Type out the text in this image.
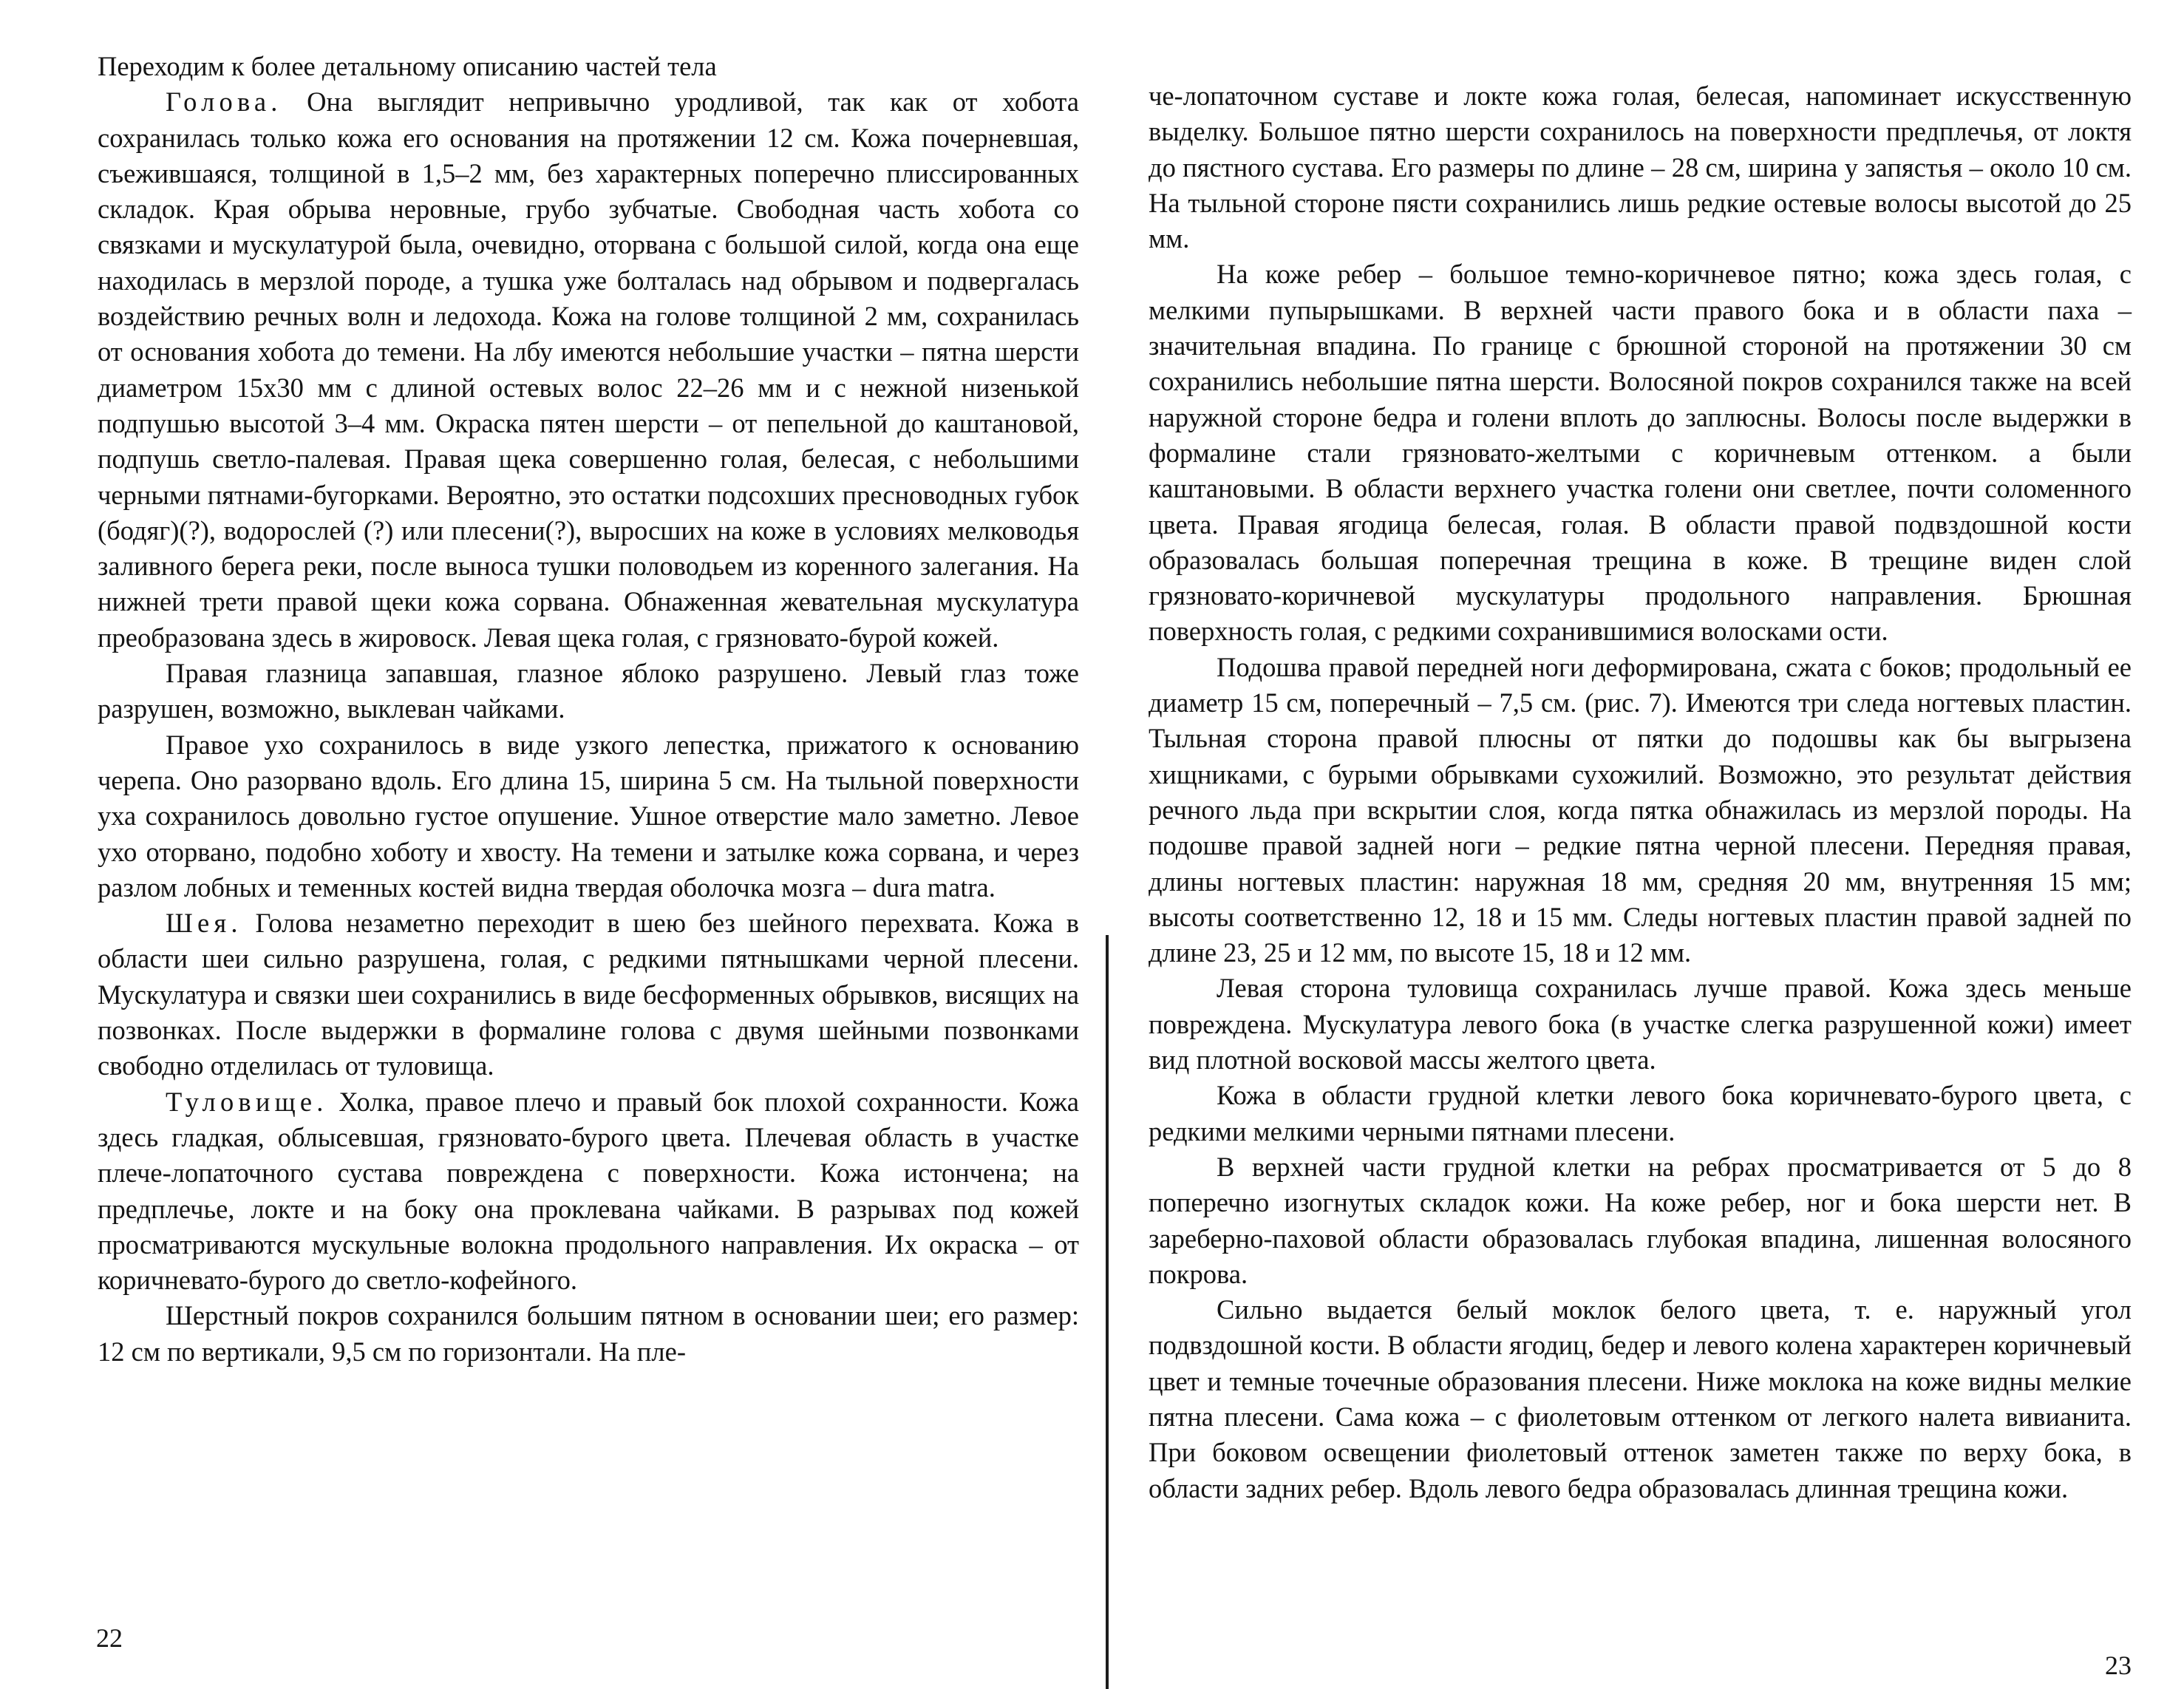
Переходим к более детальному описанию частей тела

Голова. Она выглядит непривычно уродливой, так как от хобота сохранилась только кожа его основания на протяжении 12 см. Кожа почерневшая, съежившаяся, толщиной в 1,5–2 мм, без характерных поперечно плиссированных складок. Края обрыва неровные, грубо зубчатые. Свободная часть хобота со связками и мускулатурой была, очевидно, оторвана с большой силой, когда она еще находилась в мерзлой породе, а тушка уже болталась над обрывом и подвергалась воздействию речных волн и ледохода. Кожа на голове толщиной 2 мм, сохранилась от основания хобота до темени. На лбу имеются небольшие участки – пятна шерсти диаметром 15х30 мм с длиной остевых волос 22–26 мм и с нежной низенькой подпушью высотой 3–4 мм. Окраска пятен шерсти – от пепельной до каштановой, подпушь светло-палевая. Правая щека совершенно голая, белесая, с небольшими черными пятнами-бугорками. Вероятно, это остатки подсохших пресноводных губок (бодяг)(?), водорослей (?) или плесени(?), выросших на коже в условиях мелководья заливного берега реки, после выноса тушки половодьем из коренного залегания. На нижней трети правой щеки кожа сорвана. Обнаженная жевательная мускулатура преобразована здесь в жировоск. Левая щека голая, с грязновато-бурой кожей.

Правая глазница запавшая, глазное яблоко разрушено. Левый глаз тоже разрушен, возможно, выклеван чайками.

Правое ухо сохранилось в виде узкого лепестка, прижатого к основанию черепа. Оно разорвано вдоль. Его длина 15, ширина 5 см. На тыльной поверхности уха сохранилось довольно густое опушение. Ушное отверстие мало заметно. Левое ухо оторвано, подобно хоботу и хвосту. На темени и затылке кожа сорвана, и через разлом лобных и теменных костей видна твердая оболочка мозга – dura matra.

Шея. Голова незаметно переходит в шею без шейного перехвата. Кожа в области шеи сильно разрушена, голая, с редкими пятнышками черной плесени. Мускулатура и связки шеи сохранились в виде бесформенных обрывков, висящих на позвонках. После выдержки в формалине голова с двумя шейными позвонками свободно отделилась от туловища.

Туловище. Холка, правое плечо и правый бок плохой сохранности. Кожа здесь гладкая, облысевшая, грязновато-бурого цвета. Плечевая область в участке плече-лопаточного сустава повреждена с поверхности. Кожа истончена; на предплечье, локте и на боку она проклевана чайками. В разрывах под кожей просматриваются мускульные волокна продольного направления. Их окраска – от коричневато-бурого до светло-кофейного.

Шерстный покров сохранился большим пятном в основании шеи; его размер: 12 см по вертикали, 9,5 см по горизонтали. На пле-

22

че-лопаточном суставе и локте кожа голая, белесая, напоминает искусственную выделку. Большое пятно шерсти сохранилось на поверхности предплечья, от локтя до пястного сустава. Его размеры по длине – 28 см, ширина у запястья – около 10 см. На тыльной стороне пясти сохранились лишь редкие остевые волосы высотой до 25 мм.

На коже ребер – большое темно-коричневое пятно; кожа здесь голая, с мелкими пупырышками. В верхней части правого бока и в области паха – значительная впадина. По границе с брюшной стороной на протяжении 30 см сохранились небольшие пятна шерсти. Волосяной покров сохранился также на всей наружной стороне бедра и голени вплоть до заплюсны. Волосы после выдержки в формалине стали грязновато-желтыми с коричневым оттенком. а были каштановыми. В области верхнего участка голени они светлее, почти соломенного цвета. Правая ягодица белесая, голая. В области правой подвздошной кости образовалась большая поперечная трещина в коже. В трещине виден слой грязновато-коричневой мускулатуры продольного направления. Брюшная поверхность голая, с редкими сохранившимися волосками ости.

Подошва правой передней ноги деформирована, сжата с боков; продольный ее диаметр 15 см, поперечный – 7,5 см. (рис. 7). Имеются три следа ногтевых пластин. Тыльная сторона правой плюсны от пятки до подошвы как бы выгрызена хищниками, с бурыми обрывками сухожилий. Возможно, это результат действия речного льда при вскрытии слоя, когда пятка обнажилась из мерзлой породы. На подошве правой задней ноги – редкие пятна черной плесени. Передняя правая, длины ногтевых пластин: наружная 18 мм, средняя 20 мм, внутренняя 15 мм; высоты соответственно 12, 18 и 15 мм. Следы ногтевых пластин правой задней по длине 23, 25 и 12 мм, по высоте 15, 18 и 12 мм.

Левая сторона туловища сохранилась лучше правой. Кожа здесь меньше повреждена. Мускулатура левого бока (в участке слегка разрушенной кожи) имеет вид плотной восковой массы желтого цвета.

Кожа в области грудной клетки левого бока коричневато-бурого цвета, с редкими мелкими черными пятнами плесени.

В верхней части грудной клетки на ребрах просматривается от 5 до 8 поперечно изогнутых складок кожи. На коже ребер, ног и бока шерсти нет. В зареберно-паховой области образовалась глубокая впадина, лишенная волосяного покрова.

Сильно выдается белый моклок белого цвета, т. е. наружный угол подвздошной кости. В области ягодиц, бедер и левого колена характерен коричневый цвет и темные точечные образования плесени. Ниже моклока на коже видны мелкие пятна плесени. Сама кожа – с фиолетовым оттенком от легкого налета вивианита. При боковом освещении фиолетовый оттенок заметен также по верху бока, в области задних ребер. Вдоль левого бедра образовалась длинная трещина кожи.

23
